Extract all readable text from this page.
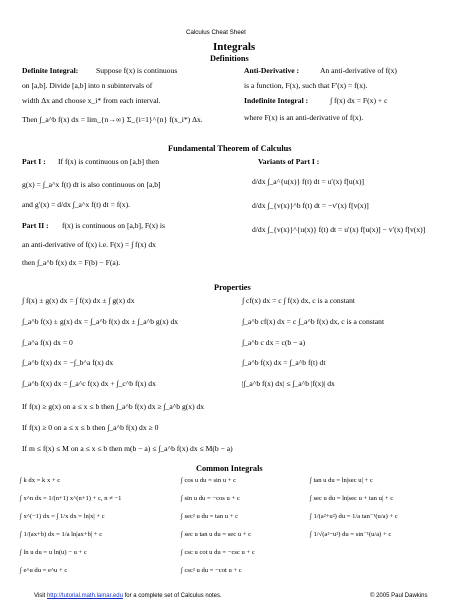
Calculus Cheat Sheet
Integrals
Definitions
Definite Integral: Suppose f(x) is continuous
on [a,b]. Divide [a,b] into n subintervals of
width Δx and choose x_i* from each interval.
Then ∫_a^b f(x) dx = lim_{n→∞} Σ_{i=1}^{n} f(x_i*) Δx.
Anti-Derivative :	An anti-derivative of f(x)
is a function, F(x), such that F′(x) = f(x).
Indefinite Integral :	∫ f(x) dx = F(x) + c
where F(x) is an anti-derivative of f(x).
Fundamental Theorem of Calculus
Part I : If f(x) is continuous on [a,b] then
g(x) = ∫_a^x f(t) dt is also continuous on [a,b]
and g′(x) = d/dx ∫_a^x f(t) dt = f(x).
Part II : f(x) is continuous on [a,b], F(x) is
an anti-derivative of f(x) i.e. F(x) = ∫ f(x) dx
then ∫_a^b f(x) dx = F(b) − F(a).
Variants of Part I :
d/dx ∫_a^{u(x)} f(t) dt = u′(x) f[u(x)]
d/dx ∫_{v(x)}^b f(t) dt = −v′(x) f[v(x)]
d/dx ∫_{v(x)}^{u(x)} f(t) dt = u′(x) f[u(x)] − v′(x) f[v(x)]
Properties
∫ f(x) ± g(x) dx = ∫ f(x) dx ± ∫ g(x) dx
∫_a^b f(x) ± g(x) dx = ∫_a^b f(x) dx ± ∫_a^b g(x) dx
∫_a^a f(x) dx = 0
∫_a^b f(x) dx = −∫_b^a f(x) dx	∫_a^b f(x) dx = ∫_a^b f(t) dt
∫ cf(x) dx = c ∫ f(x) dx, c is a constant
∫_a^b cf(x) dx = c ∫_a^b f(x) dx, c is a constant
∫_a^b c dx = c(b − a)
∫_a^b f(x) dx = ∫_a^c f(x) dx + ∫_c^b f(x) dx	|∫_a^b f(x) dx| ≤ ∫_a^b |f(x)| dx
If f(x) ≥ g(x) on a ≤ x ≤ b then ∫_a^b f(x) dx ≥ ∫_a^b g(x) dx
If f(x) ≥ 0 on a ≤ x ≤ b then ∫_a^b f(x) dx ≥ 0
If m ≤ f(x) ≤ M on a ≤ x ≤ b then m(b − a) ≤ ∫_a^b f(x) dx ≤ M(b − a)
Common Integrals
∫ k dx = k x + c
∫ x^n dx = 1/(n+1) x^(n+1) + c, n ≠ −1
∫ x^(−1) dx = ∫ 1/x dx = ln|x| + c
∫ 1/(ax+b) dx = 1/a ln|ax+b| + c
∫ ln u du = u ln(u) − u + c
∫ e^u du = e^u + c
∫ cos u du = sin u + c
∫ sin u du = −cos u + c
∫ sec² u du = tan u + c
∫ sec u tan u du = sec u + c
∫ csc u cot u du = −csc u + c
∫ csc² u du = −cot u + c
∫ tan u du = ln|sec u| + c
∫ sec u du = ln|sec u + tan u| + c
∫ 1/(a²+u²) du = 1/a tan⁻¹(u/a) + c
∫ 1/√(a²−u²) du = sin⁻¹(u/a) + c
Visit http://tutorial.math.lamar.edu for a complete set of Calculus notes.	© 2005 Paul Dawkins
